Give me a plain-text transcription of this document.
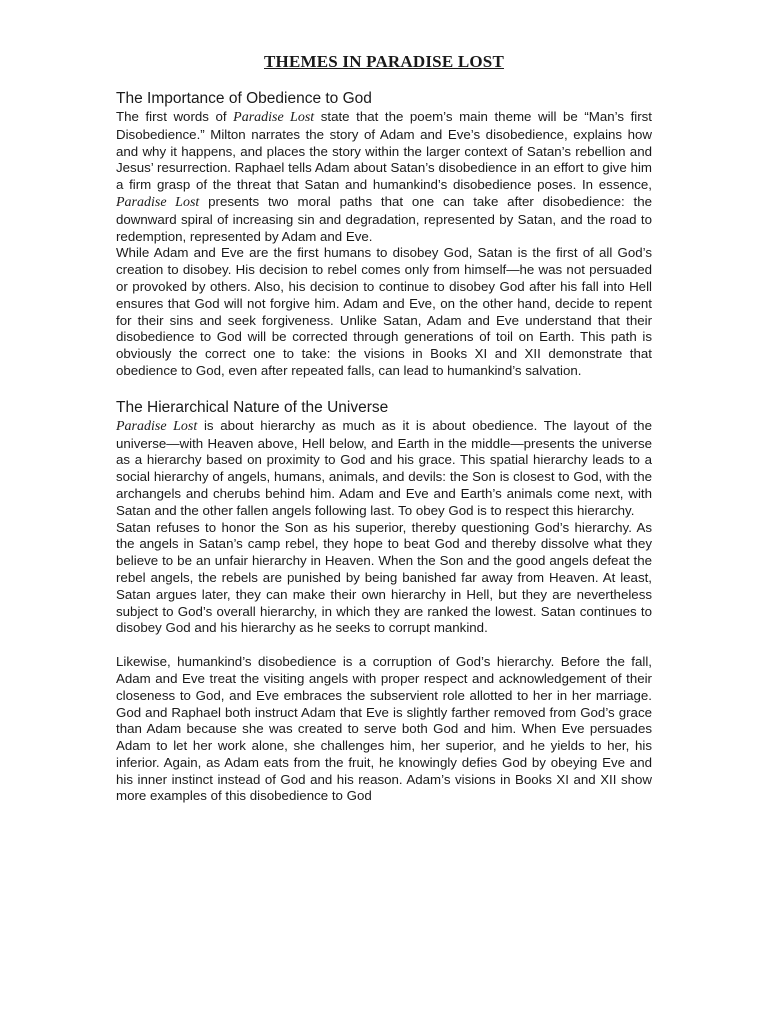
THEMES IN PARADISE LOST
The Importance of Obedience to God

The first words of Paradise Lost state that the poem’s main theme will be “Man’s first Disobedience.” Milton narrates the story of Adam and Eve’s disobedience, explains how and why it happens, and places the story within the larger context of Satan’s rebellion and Jesus’ resurrection. Raphael tells Adam about Satan’s disobedience in an effort to give him a firm grasp of the threat that Satan and humankind’s disobedience poses. In essence, Paradise Lost presents two moral paths that one can take after disobedience: the downward spiral of increasing sin and degradation, represented by Satan, and the road to redemption, represented by Adam and Eve.

While Adam and Eve are the first humans to disobey God, Satan is the first of all God’s creation to disobey. His decision to rebel comes only from himself—he was not persuaded or provoked by others. Also, his decision to continue to disobey God after his fall into Hell ensures that God will not forgive him. Adam and Eve, on the other hand, decide to repent for their sins and seek forgiveness. Unlike Satan, Adam and Eve understand that their disobedience to God will be corrected through generations of toil on Earth. This path is obviously the correct one to take: the visions in Books XI and XII demonstrate that obedience to God, even after repeated falls, can lead to humankind’s salvation.

The Hierarchical Nature of the Universe

Paradise Lost is about hierarchy as much as it is about obedience. The layout of the universe—with Heaven above, Hell below, and Earth in the middle—presents the universe as a hierarchy based on proximity to God and his grace. This spatial hierarchy leads to a social hierarchy of angels, humans, animals, and devils: the Son is closest to God, with the archangels and cherubs behind him. Adam and Eve and Earth’s animals come next, with Satan and the other fallen angels following last. To obey God is to respect this hierarchy.

Satan refuses to honor the Son as his superior, thereby questioning God’s hierarchy. As the angels in Satan’s camp rebel, they hope to beat God and thereby dissolve what they believe to be an unfair hierarchy in Heaven. When the Son and the good angels defeat the rebel angels, the rebels are punished by being banished far away from Heaven. At least, Satan argues later, they can make their own hierarchy in Hell, but they are nevertheless subject to God’s overall hierarchy, in which they are ranked the lowest. Satan continues to disobey God and his hierarchy as he seeks to corrupt mankind.

Likewise, humankind’s disobedience is a corruption of God’s hierarchy. Before the fall, Adam and Eve treat the visiting angels with proper respect and acknowledgement of their closeness to God, and Eve embraces the subservient role allotted to her in her marriage. God and Raphael both instruct Adam that Eve is slightly farther removed from God’s grace than Adam because she was created to serve both God and him. When Eve persuades Adam to let her work alone, she challenges him, her superior, and he yields to her, his inferior. Again, as Adam eats from the fruit, he knowingly defies God by obeying Eve and his inner instinct instead of God and his reason. Adam’s visions in Books XI and XII show more examples of this disobedience to God
